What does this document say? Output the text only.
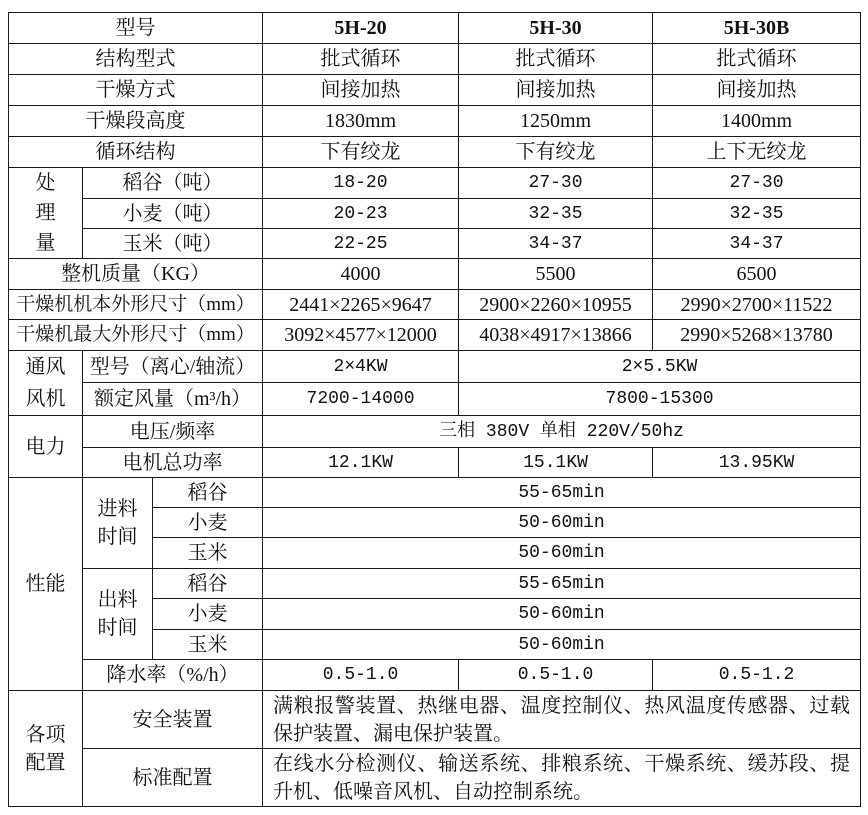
型号			5H-20	5H-30	5H-30B
结构型式			批式循环	批式循环	批式循环
干燥方式			间接加热	间接加热	间接加热
干燥段高度			1830mm	1250mm	1400mm
循环结构			下有绞龙	下有绞龙	上下无绞龙
处理量	稻谷（吨）		18-20	27-30	27-30
	小麦（吨）		20-23	32-35	32-35
	玉米（吨）		22-25	34-37	34-37
整机质量（KG）			4000	5500	6500
干燥机机本外形尺寸（mm）			2441×2265×9647	2900×2260×10955	2990×2700×11522
干燥机最大外形尺寸（mm）			3092×4577×12000	4038×4917×13866	2990×5268×13780
通风风机	型号（离心/轴流）		2×4KW	2×5.5KW	
	额定风量（m³/h）		7200-14000	7800-15300	
电力	电压/频率		三相 380V 单相 220V/50hz		
	电机总功率		12.1KW	15.1KW	13.95KW
性能	进料时间	稻谷	55-65min		
		小麦	50-60min		
		玉米	50-60min		
	出料时间	稻谷	55-65min		
		小麦	50-60min		
		玉米	50-60min		
	降水率（%/h）		0.5-1.0	0.5-1.0	0.5-1.2
各项配置	安全装置		满粮报警装置、热继电器、温度控制仪、热风温度传感器、过载保护装置、漏电保护装置。		
	标准配置		在线水分检测仪、输送系统、排粮系统、干燥系统、缓苏段、提升机、低噪音风机、自动控制系统。		
